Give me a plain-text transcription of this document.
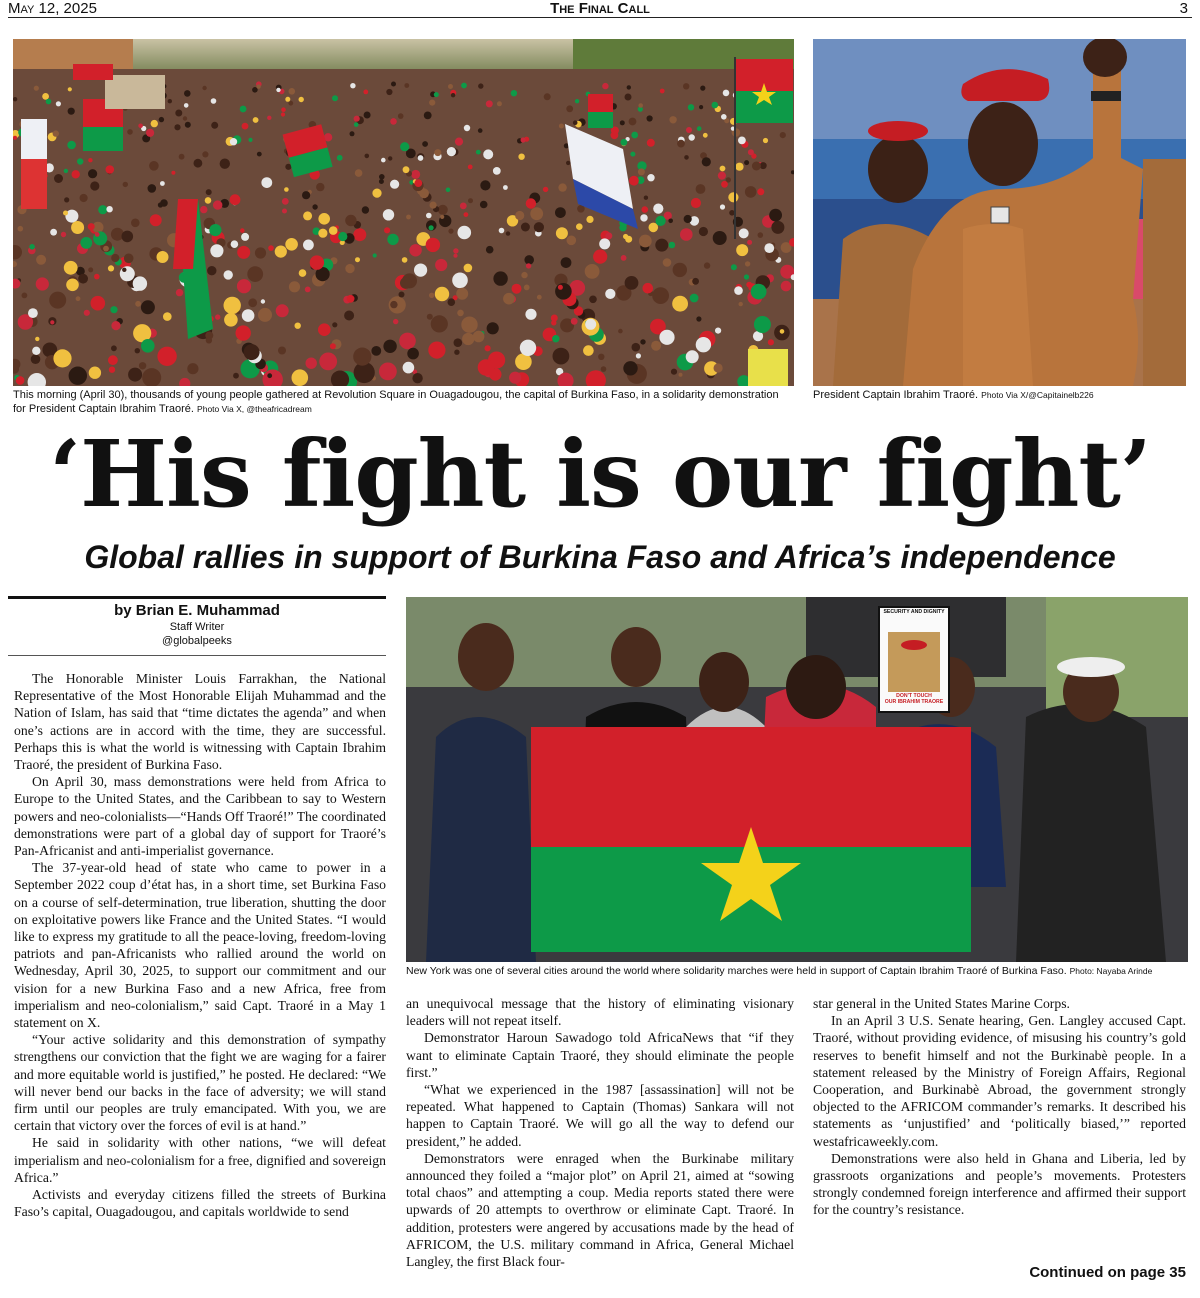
May 12, 2025	The Final Call	3
This morning (April 30), thousands of young people gathered at Revolution Square in Ouagadougou, the capital of Burkina Faso, in a solidarity demonstration for President Captain Ibrahim Traoré. Photo Via X, @theafricadream
President Captain Ibrahim Traoré. Photo Via X/@Capitainelb226
‘His fight is our fight’
Global rallies in support of Burkina Faso and Africa’s independence
by Brian E. Muhammad
Staff Writer
@globalpeeks
SECURITY AND DIGNITY
DON'T TOUCH
OUR IBRAHIM TRAORE
New York was one of several cities around the world where solidarity marches were held in support of Captain Ibrahim Traoré of Burkina Faso. Photo: Nayaba Arinde

The Honorable Minister Louis Farrakhan, the National Representative of the Most Honorable Elijah Muhammad and the Nation of Islam, has said that “time dictates the agenda” and when one’s actions are in accord with the time, they are successful. Perhaps this is what the world is witnessing with Captain Ibrahim Traoré, the president of Burkina Faso.

On April 30, mass demonstrations were held from Africa to Europe to the United States, and the Caribbean to say to Western powers and neo-colonialists—“Hands Off Traoré!” The coordinated demonstrations were part of a global day of support for Traoré’s Pan-Africanist and anti-imperialist governance.

The 37-year-old head of state who came to power in a September 2022 coup d’état has, in a short time, set Burkina Faso on a course of self-determination, true liberation, shutting the door on exploitative powers like France and the United States. “I would like to express my gratitude to all the peace-loving, freedom-loving patriots and pan-Africanists who rallied around the world on Wednesday, April 30, 2025, to support our commitment and our vision for a new Burkina Faso and a new Africa, free from imperialism and neo-colonialism,” said Capt. Traoré in a May 1 statement on X.

“Your active solidarity and this demonstration of sympathy strengthens our conviction that the fight we are waging for a fairer and more equitable world is justified,” he posted. He declared: “We will never bend our backs in the face of adversity; we will stand firm until our peoples are truly emancipated. With you, we are certain that victory over the forces of evil is at hand.”

He said in solidarity with other nations, “we will defeat imperialism and neo-colonialism for a free, dignified and sovereign Africa.”

Activists and everyday citizens filled the streets of Burkina Faso’s capital, Ouagadougou, and capitals worldwide to send

an unequivocal message that the history of eliminating visionary leaders will not repeat itself.

Demonstrator Haroun Sawadogo told AfricaNews that “if they want to eliminate Captain Traoré, they should eliminate the people first.”

“What we experienced in the 1987 [assassination] will not be repeated. What happened to Captain (Thomas) Sankara will not happen to Captain Traoré. We will go all the way to defend our president,” he added.

Demonstrators were enraged when the Burkinabe military announced they foiled a “major plot” on April 21, aimed at “sowing total chaos” and attempting a coup. Media reports stated there were upwards of 20 attempts to overthrow or eliminate Capt. Traoré. In addition, protesters were angered by accusations made by the head of AFRICOM, the U.S. military command in Africa, General Michael Langley, the first Black four-

star general in the United States Marine Corps.

In an April 3 U.S. Senate hearing, Gen. Langley accused Capt. Traoré, without providing evidence, of misusing his country’s gold reserves to benefit himself and not the Burkinabè people. In a statement released by the Ministry of Foreign Affairs, Regional Cooperation, and Burkinabè Abroad, the government strongly objected to the AFRICOM commander’s remarks. It described his statements as ‘unjustified’ and ‘politically biased,’” reported westafricaweekly.com.

Demonstrations were also held in Ghana and Liberia, led by grassroots organizations and people’s movements. Protesters strongly condemned foreign interference and affirmed their support for the country’s resistance.

Continued on page 35
